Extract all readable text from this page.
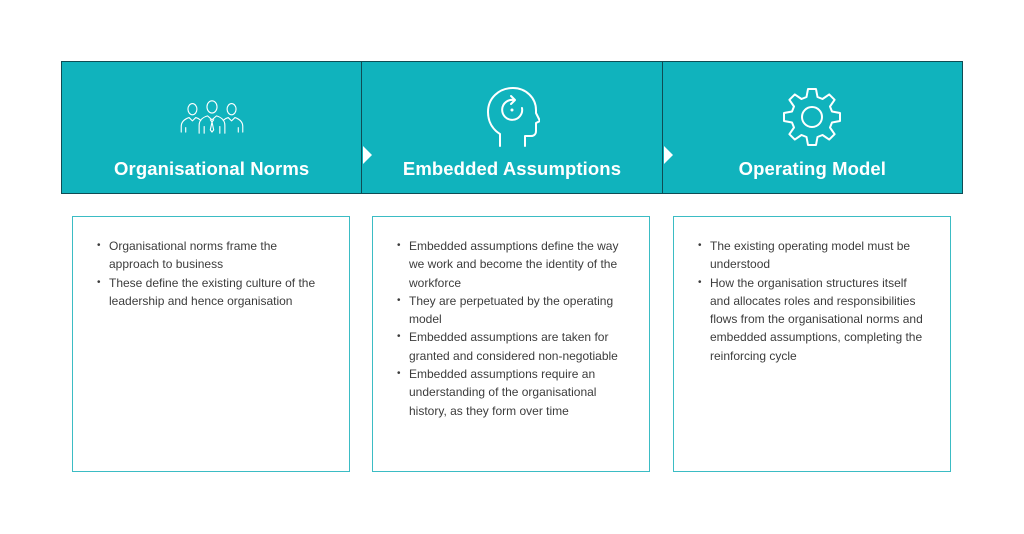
Organisational Norms	Embedded Assumptions	Operating Model
• Organisational norms frame the approach to business
• These define the existing culture of the leadership and hence organisation
• Embedded assumptions define the way we work and become the identity of the workforce
• They are perpetuated by the operating model
• Embedded assumptions are taken for granted and considered non-negotiable
• Embedded assumptions require an understanding of the organisational history, as they form over time
• The existing operating model must be understood
• How the organisation structures itself and allocates roles and responsibilities flows from the organisational norms and embedded assumptions, completing the reinforcing cycle
